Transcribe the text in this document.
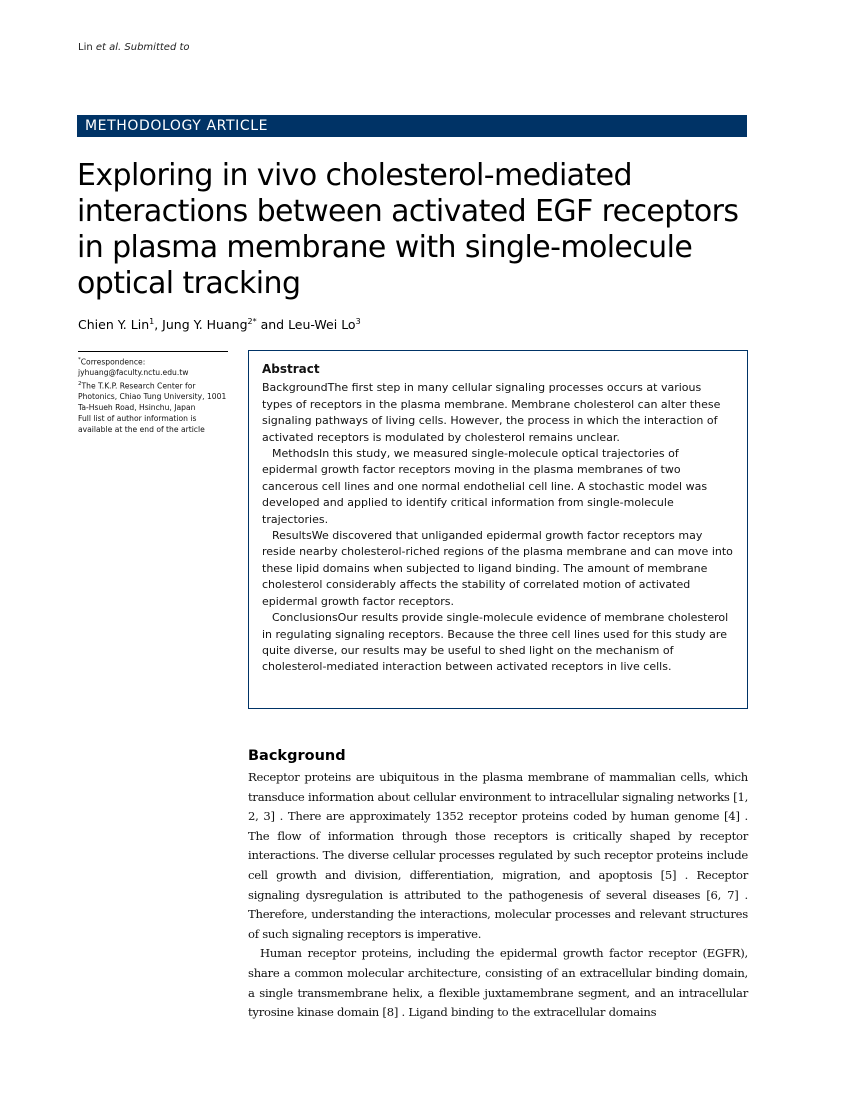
Lin et al. Submitted to
METHODOLOGY ARTICLE
Exploring in vivo cholesterol-mediated interactions between activated EGF receptors in plasma membrane with single-molecule optical tracking
Chien Y. Lin$^1$, Jung Y. Huang$^{2*}$ and Leu-Wei Lo$^3$
*Correspondence:
jyhuang@faculty.nctu.edu.tw
$^2$The T.K.P. Research Center for Photonics, Chiao Tung University, 1001 Ta-Hsueh Road, Hsinchu, Japan
Full list of author information is available at the end of the article
Abstract

BackgroundThe first step in many cellular signaling processes occurs at various types of receptors in the plasma membrane. Membrane cholesterol can alter these signaling pathways of living cells. However, the process in which the interaction of activated receptors is modulated by cholesterol remains unclear.

MethodsIn this study, we measured single-molecule optical trajectories of epidermal growth factor receptors moving in the plasma membranes of two cancerous cell lines and one normal endothelial cell line. A stochastic model was developed and applied to identify critical information from single-molecule trajectories.

ResultsWe discovered that unliganded epidermal growth factor receptors may reside nearby cholesterol-riched regions of the plasma membrane and can move into these lipid domains when subjected to ligand binding. The amount of membrane cholesterol considerably affects the stability of correlated motion of activated epidermal growth factor receptors.

ConclusionsOur results provide single-molecule evidence of membrane cholesterol in regulating signaling receptors. Because the three cell lines used for this study are quite diverse, our results may be useful to shed light on the mechanism of cholesterol-mediated interaction between activated receptors in live cells.

Background

Receptor proteins are ubiquitous in the plasma membrane of mammalian cells, which transduce information about cellular environment to intracellular signaling networks [1, 2, 3] . There are approximately 1352 receptor proteins coded by human genome [4] . The flow of information through those receptors is critically shaped by receptor interactions. The diverse cellular processes regulated by such receptor proteins include cell growth and division, differentiation, migration, and apoptosis [5] . Receptor signaling dysregulation is attributed to the pathogenesis of several diseases [6, 7] . Therefore, understanding the interactions, molecular processes and relevant structures of such signaling receptors is imperative.

Human receptor proteins, including the epidermal growth factor receptor (EGFR), share a common molecular architecture, consisting of an extracellular binding domain, a single transmembrane helix, a flexible juxtamembrane segment, and an intracellular tyrosine kinase domain [8] . Ligand binding to the extracellular domains
